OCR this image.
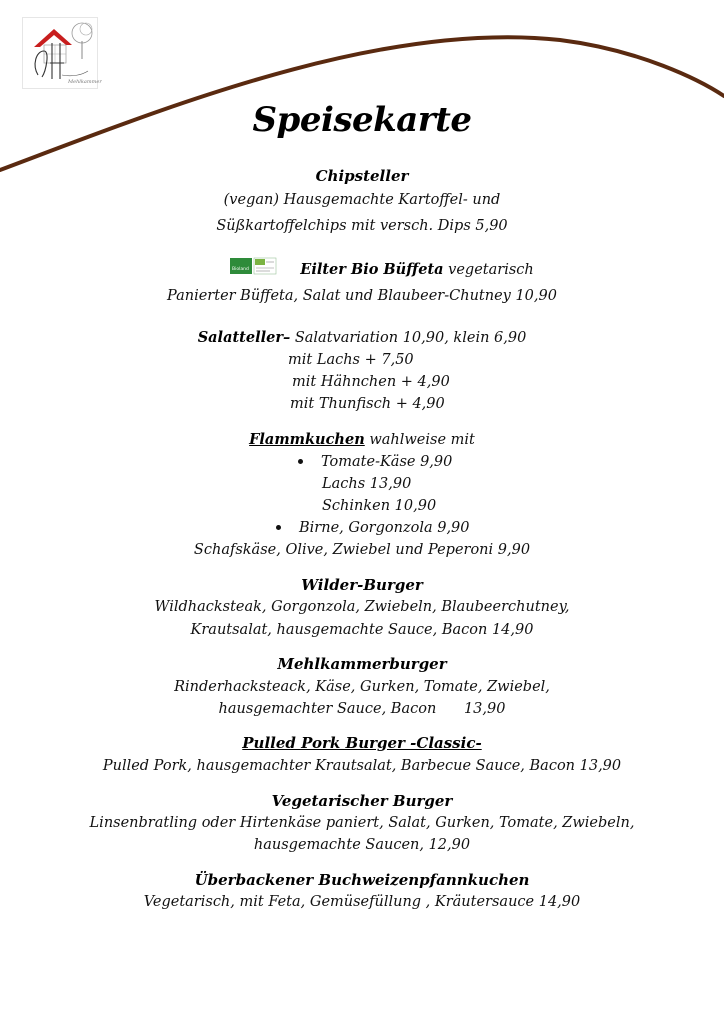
Mehlkammer
Speisekarte
Chipsteller
(vegan) Hausgemachte Kartoffel- und
Süßkartoffelchips mit versch. Dips 5,90
Bioland	Eilter Bio Büffeta vegetarisch
Panierter Büffeta, Salat und Blaubeer-Chutney 10,90
Salatteller– Salatvariation 10,90, klein 6,90
mit Lachs + 7,50
mit Hähnchen + 4,90
mit Thunfisch + 4,90
Flammkuchen wahlweise mit
Tomate-Käse 9,90
Lachs 13,90
Schinken 10,90
Birne, Gorgonzola 9,90
Schafskäse, Olive, Zwiebel und Peperoni 9,90
Wilder-Burger
Wildhacksteak, Gorgonzola, Zwiebeln, Blaubeerchutney,
Krautsalat, hausgemachte Sauce, Bacon 14,90
Mehlkammerburger
Rinderhacksteack, Käse, Gurken, Tomate, Zwiebel,
hausgemachter Sauce, Bacon      13,90
Pulled Pork Burger -Classic-
Pulled Pork, hausgemachter Krautsalat, Barbecue Sauce, Bacon 13,90
Vegetarischer Burger
Linsenbratling oder Hirtenkäse paniert, Salat, Gurken, Tomate, Zwiebeln,
hausgemachte Saucen, 12,90
Überbackener Buchweizenpfannkuchen
Vegetarisch, mit Feta, Gemüsefüllung , Kräutersauce 14,90
